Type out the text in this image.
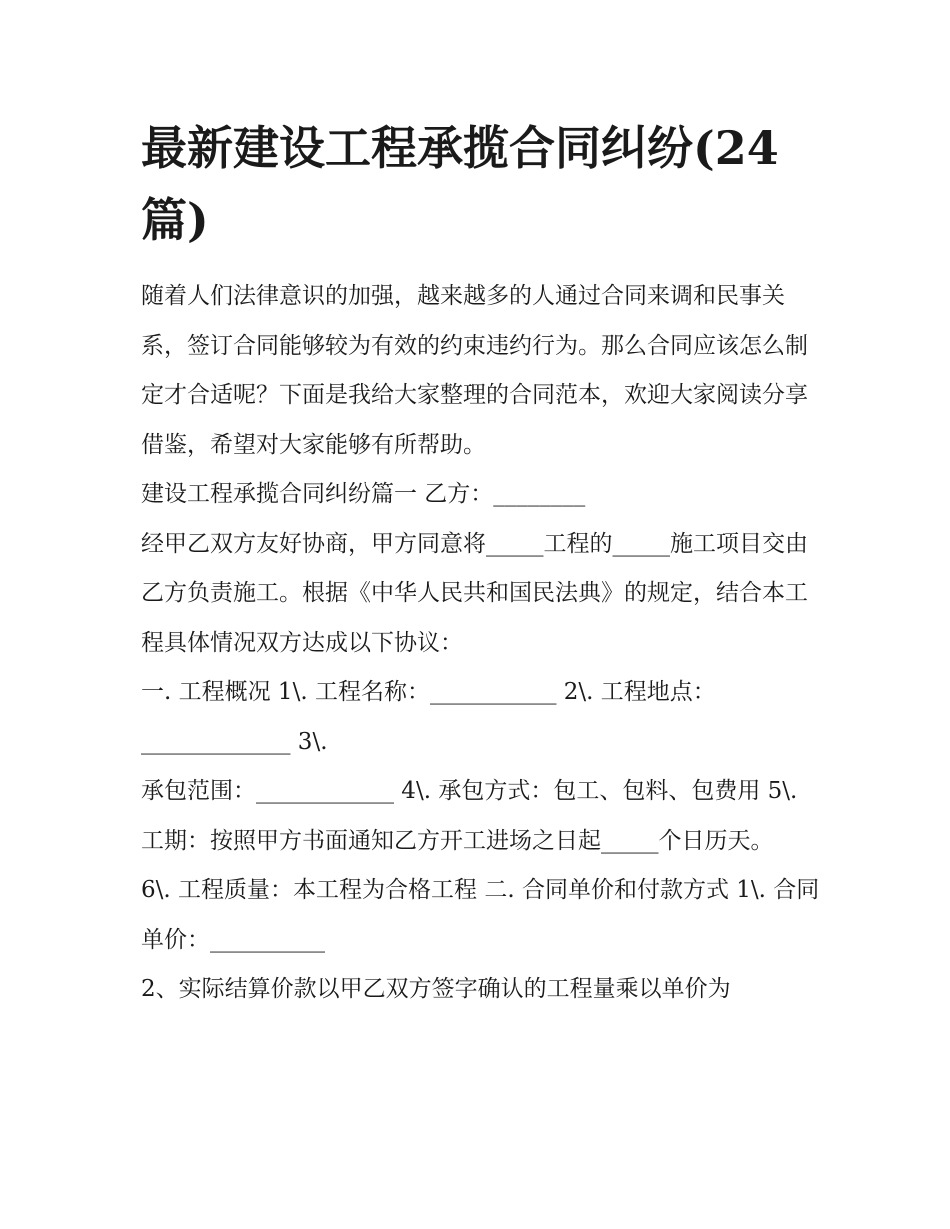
最新建设工程承揽合同纠纷(24篇)

随着人们法律意识的加强，越来越多的人通过合同来调和民事关系，签订合同能够较为有效的约束违约行为。那么合同应该怎么制定才合适呢？下面是我给大家整理的合同范本，欢迎大家阅读分享借鉴，希望对大家能够有所帮助。

建设工程承揽合同纠纷篇一 乙方：________

经甲乙双方友好协商，甲方同意将_____工程的_____施工项目交由乙方负责施工。根据《中华人民共和国民法典》的规定，结合本工程具体情况双方达成以下协议：

一. 工程概况 1\. 工程名称：___________ 2\. 工程地点：_____________ 3\.

承包范围：____________ 4\. 承包方式：包工、包料、包费用 5\. 工期：按照甲方书面通知乙方开工进场之日起_____个日历天。

6\. 工程质量：本工程为合格工程 二. 合同单价和付款方式 1\. 合同单价：__________

2、实际结算价款以甲乙双方签字确认的工程量乘以单价为
